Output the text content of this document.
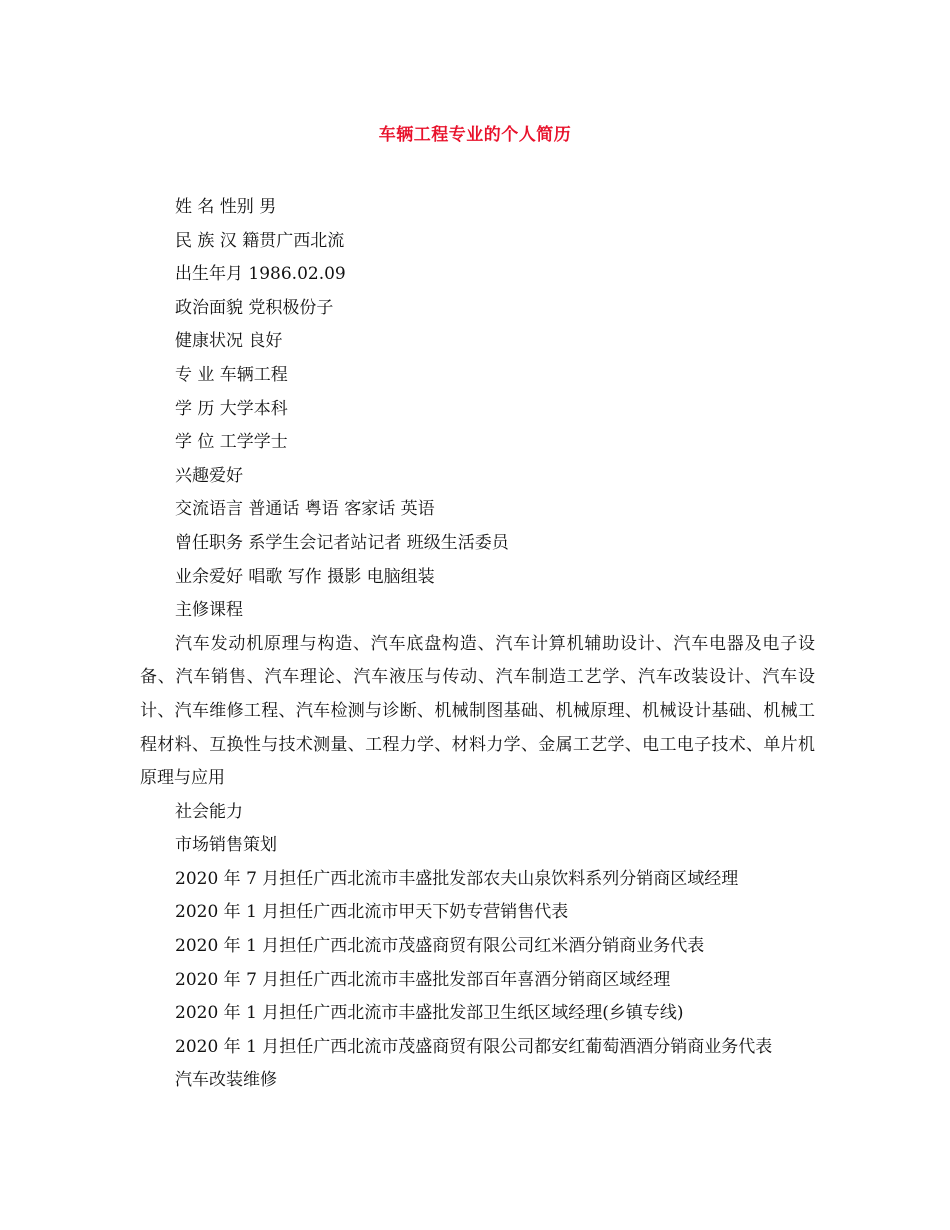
车辆工程专业的个人简历
姓 名 性别 男
民 族 汉 籍贯广西北流
出生年月 1986.02.09
政治面貌 党积极份子
健康状况 良好
专 业 车辆工程
学 历 大学本科
学 位 工学学士
兴趣爱好
交流语言 普通话 粤语 客家话 英语
曾任职务 系学生会记者站记者 班级生活委员
业余爱好 唱歌 写作 摄影 电脑组装
主修课程
汽车发动机原理与构造、汽车底盘构造、汽车计算机辅助设计、汽车电器及电子设备、汽车销售、汽车理论、汽车液压与传动、汽车制造工艺学、汽车改装设计、汽车设计、汽车维修工程、汽车检测与诊断、机械制图基础、机械原理、机械设计基础、机械工程材料、互换性与技术测量、工程力学、材料力学、金属工艺学、电工电子技术、单片机原理与应用
社会能力
市场销售策划
2020 年 7 月担任广西北流市丰盛批发部农夫山泉饮料系列分销商区域经理
2020 年 1 月担任广西北流市甲天下奶专营销售代表
2020 年 1 月担任广西北流市茂盛商贸有限公司红米酒分销商业务代表
2020 年 7 月担任广西北流市丰盛批发部百年喜酒分销商区域经理
2020 年 1 月担任广西北流市丰盛批发部卫生纸区域经理(乡镇专线)
2020 年 1 月担任广西北流市茂盛商贸有限公司都安红葡萄酒酒分销商业务代表
汽车改装维修
